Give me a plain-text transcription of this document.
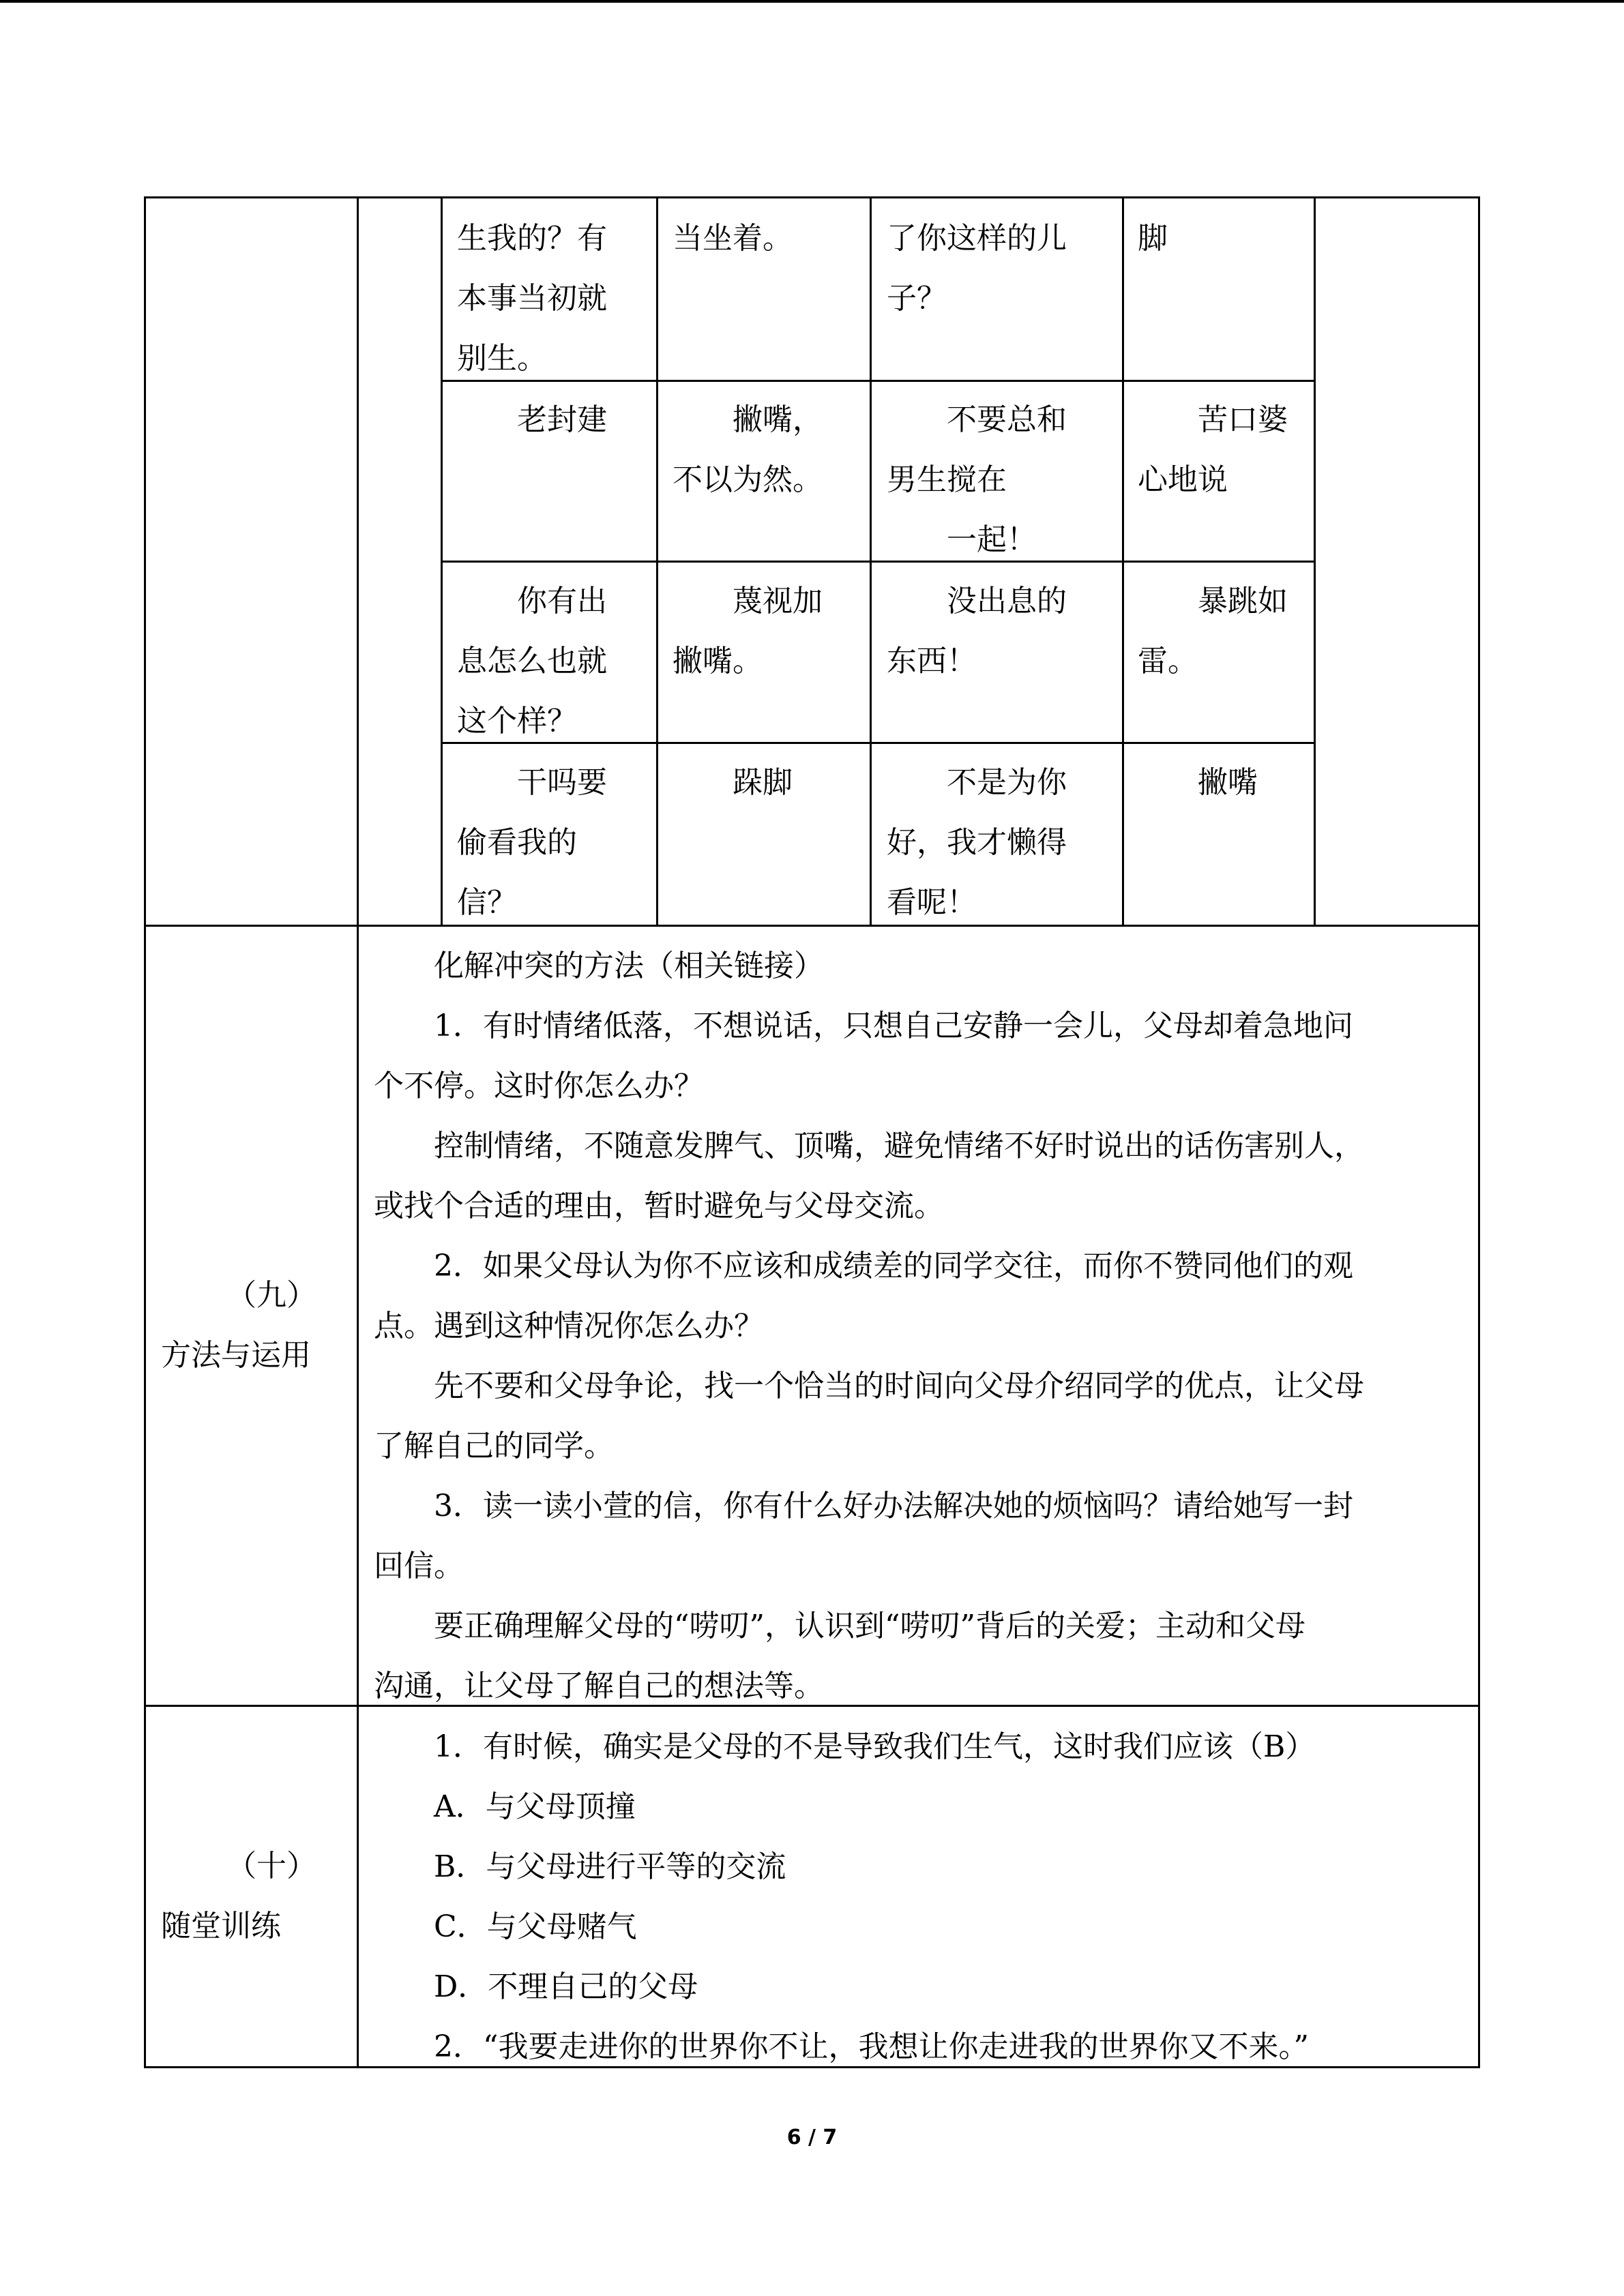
生我的？有
本事当初就
别生。
当坐着。	了你这样的儿
子？
脚
　　老封建 　　撇嘴，
不以为然。
　　不要总和
男生搅在
　　一起！
　　苦口婆
心地说
　　你有出
息怎么也就
这个样？
　　蔑视加
撇嘴。
　　没出息的
东西！
　　暴跳如
雷。
　　干吗要
偷看我的
信？
　　跺脚	　　不是为你
好，我才懒得
看呢！
　　撇嘴
（九）
方法与运用
　　化解冲突的方法（相关链接）
　　1．有时情绪低落，不想说话，只想自己安静一会儿，父母却着急地问
个不停。这时你怎么办？
　　控制情绪，不随意发脾气、顶嘴，避免情绪不好时说出的话伤害别人，
或找个合适的理由，暂时避免与父母交流。
　　2．如果父母认为你不应该和成绩差的同学交往，而你不赞同他们的观
点。遇到这种情况你怎么办？
　　先不要和父母争论，找一个恰当的时间向父母介绍同学的优点，让父母
了解自己的同学。
　　3．读一读小萱的信，你有什么好办法解决她的烦恼吗？请给她写一封
回信。
　　要正确理解父母的“唠叨”，认识到“唠叨”背后的关爱；主动和父母
沟通，让父母了解自己的想法等。
（十）
随堂训练
　　1．有时候，确实是父母的不是导致我们生气，这时我们应该（B）
　　A．与父母顶撞
　　B．与父母进行平等的交流
　　C．与父母赌气
　　D．不理自己的父母
　　2．“我要走进你的世界你不让，我想让你走进我的世界你又不来。”
6 / 7
